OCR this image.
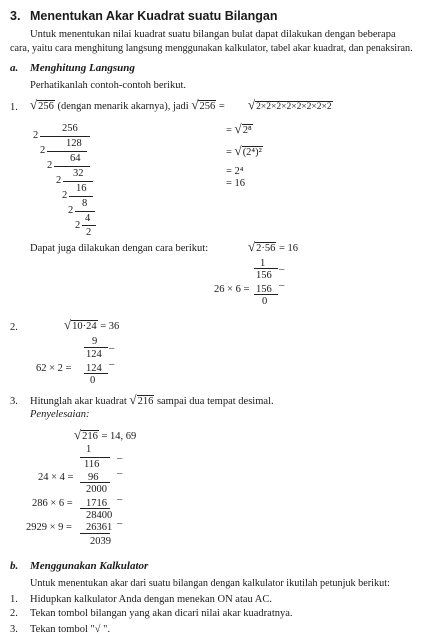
3. Menentukan Akar Kuadrat suatu Bilangan
Untuk menentukan nilai kuadrat suatu bilangan bulat dapat dilakukan dengan beberapa
cara, yaitu cara menghitung langsung menggunakan kalkulator, tabel akar kuadrat, dan penaksiran.
a. Menghitung Langsung
Perhatikanlah contoh-contoh berikut.
1. √256 (dengan menarik akarnya), jadi √256 = √2×2×2×2×2×2×2×2
= √2⁸
= √(2⁴)²
= 2⁴
= 16
256
2
128
2
64
2
32
2
16
2
8
2
4
2
2
Dapat juga dilakukan dengan cara berikut:	√2·56 = 16
1
156
–
26 × 6 = 156 –
0
2.	√10·24 = 36
9
124
–
62 × 2 = 124 –
0
3. Hitunglah akar kuadrat √216 sampai dua tempat desimal.
Penyelesaian:
√216 = 14, 69
1
116
–
24 × 4 = 96 –
2000
286 × 6 = 1716 –
28400
2929 × 9 = 26361 –
2039
b. Menggunakan Kalkulator
Untuk menentukan akar dari suatu bilangan dengan kalkulator ikutilah petunjuk berikut:
1. Hidupkan kalkulator Anda dengan menekan ON atau AC.
2. Tekan tombol bilangan yang akan dicari nilai akar kuadratnya.
3. Tekan tombol "√ ".
